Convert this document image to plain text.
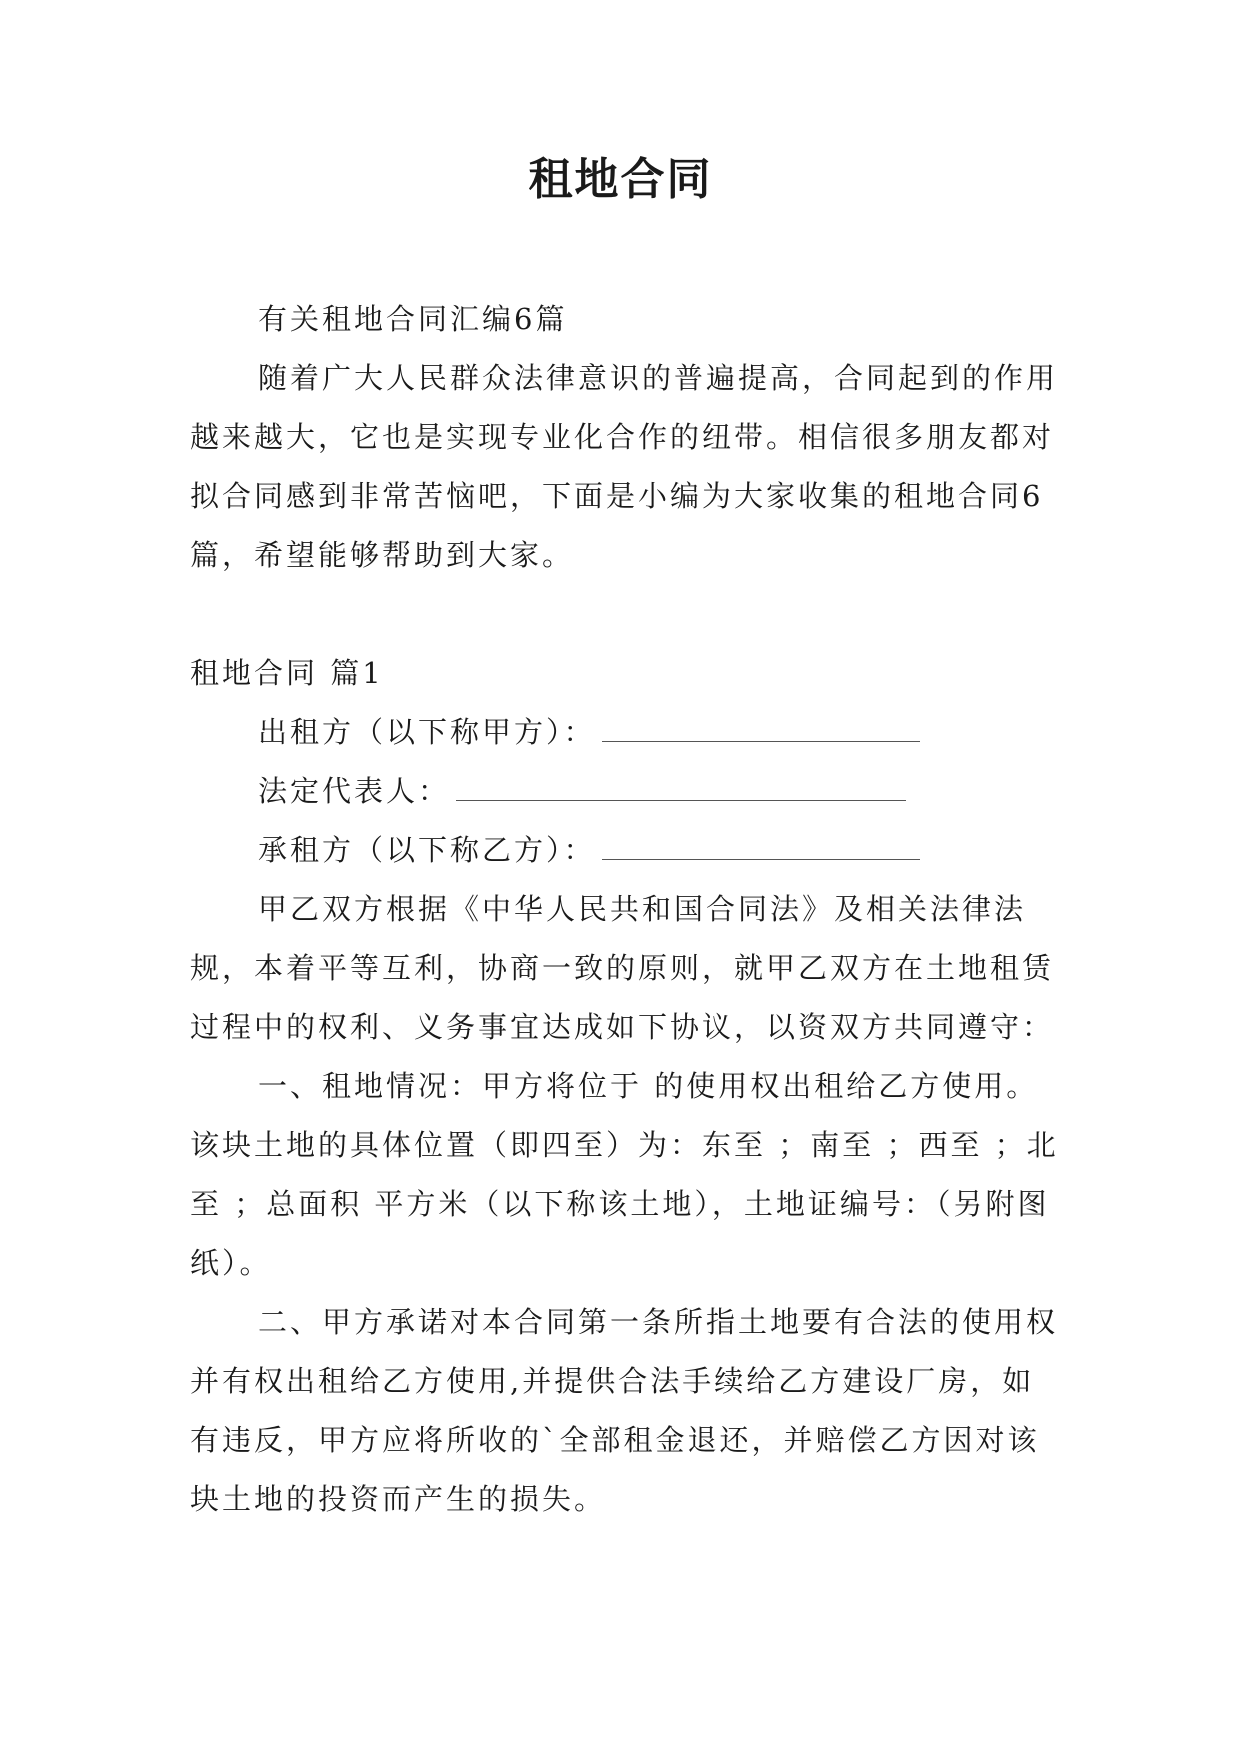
租地合同

有关租地合同汇编6篇

随着广大人民群众法律意识的普遍提高，合同起到的作用越来越大，它也是实现专业化合作的纽带。相信很多朋友都对拟合同感到非常苦恼吧，下面是小编为大家收集的租地合同6篇，希望能够帮助到大家。

租地合同 篇1

出租方（以下称甲方）：

法定代表人：

承租方（以下称乙方）：

甲乙双方根据《中华人民共和国合同法》及相关法律法规，本着平等互利，协商一致的原则，就甲乙双方在土地租赁过程中的权利、义务事宜达成如下协议，以资双方共同遵守：

一、租地情况：甲方将位于 的使用权出租给乙方使用。该块土地的具体位置（即四至）为：东至 ；南至 ；西至 ；北至 ；总面积 平方米（以下称该土地），土地证编号：（另附图纸）。

二、甲方承诺对本合同第一条所指土地要有合法的使用权并有权出租给乙方使用,并提供合法手续给乙方建设厂房，如有违反，甲方应将所收的`全部租金退还，并赔偿乙方因对该块土地的投资而产生的损失。
